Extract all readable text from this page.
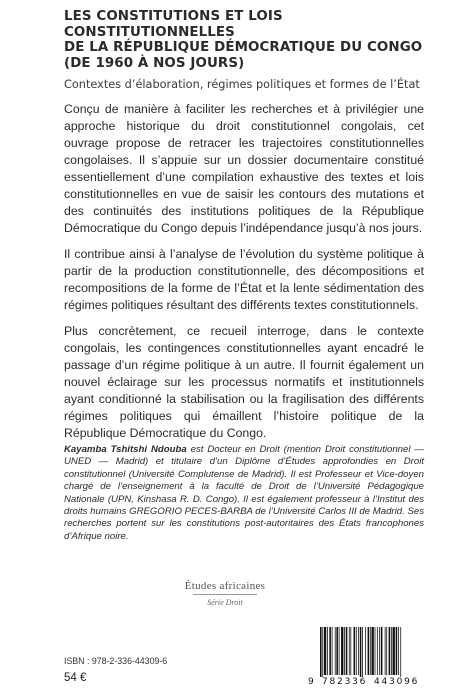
LES CONSTITUTIONS ET LOIS CONSTITUTIONNELLES
DE LA RÉPUBLIQUE DÉMOCRATIQUE DU CONGO
(DE 1960 À NOS JOURS)
Contextes d’élaboration, régimes politiques et formes de l’État

Conçu de manière à faciliter les recherches et à privilégier une approche historique du droit constitutionnel congolais, cet ouvrage propose de retracer les trajectoires constitutionnelles congolaises. Il s’appuie sur un dossier documentaire constitué essentiellement d’une compilation exhaustive des textes et lois constitutionnelles en vue de saisir les contours des mutations et des continuités des institutions politiques de la République Démocratique du Congo depuis l’indépendance jusqu’à nos jours.

Il contribue ainsi à l’analyse de l’évolution du système politique à partir de la production constitutionnelle, des décompositions et recompositions de la forme de l’État et la lente sédimentation des régimes politiques résultant des différents textes constitutionnels.

Plus concrètement, ce recueil interroge, dans le contexte congolais, les contingences constitutionnelles ayant encadré le passage d’un régime politique à un autre. Il fournit également un nouvel éclairage sur les processus normatifs et institutionnels ayant conditionné la stabilisation ou la fragilisation des différents régimes politiques qui émaillent l’histoire politique de la République Démocratique du Congo.

Kayamba Tshitshi Ndouba est Docteur en Droit (mention Droit constitutionnel — UNED — Madrid) et titulaire d’un Diplôme d’Études approfondies en Droit constitutionnel (Université Complutense de Madrid). Il est Professeur et Vice-doyen chargé de l’enseignement à la faculté de Droit de l’Université Pédagogique Nationale (UPN, Kinshasa R. D. Congo). Il est également professeur à l’Institut des droits humains GREGORIO PECES-BARBA de l’Université Carlos III de Madrid. Ses recherches portent sur les constitutions post-autoritaires des États francophones d’Afrique noire.
Études africaines
Série Droit
ISBN : 978-2-336-44309-6
54 €	9 782336 443096
